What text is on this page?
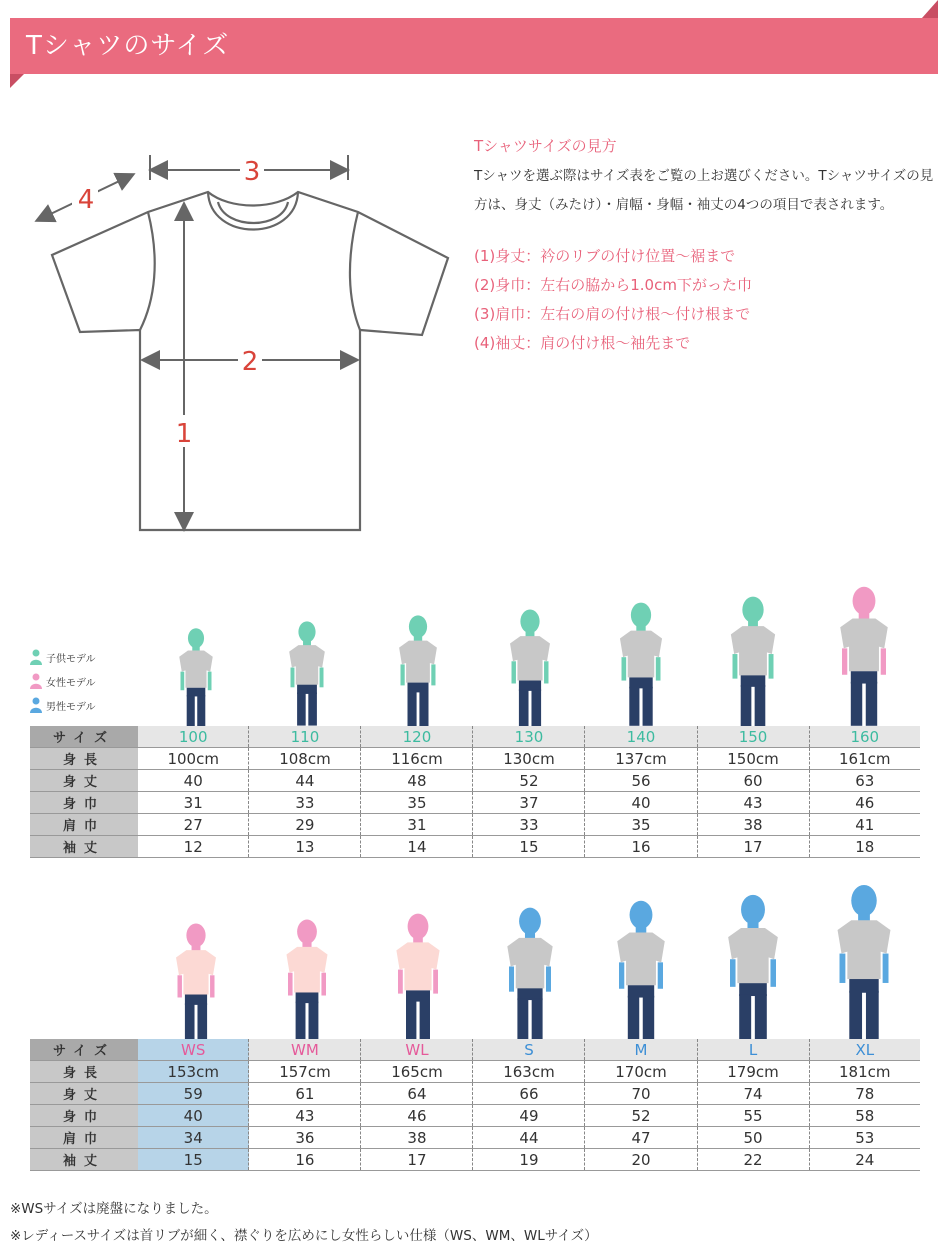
Tシャツのサイズ
1
2
3
4
Tシャツサイズの見方

Tシャツを選ぶ際はサイズ表をご覧の上お選びください。Tシャツサイズの見方は、身丈（みたけ）・肩幅・身幅・袖丈の4つの項目で表されます。

(1)身丈：衿のリブの付け位置〜裾まで
(2)身巾：左右の脇から1.0cm下がった巾
(3)肩巾：左右の肩の付け根〜付け根まで
(4)袖丈：肩の付け根〜袖先まで
子供モデル
女性モデル
男性モデル
サイズ	100	110	120	130	140	150	160
身長	100cm	108cm	116cm	130cm	137cm	150cm	161cm
身丈	40	44	48	52	56	60	63
身巾	31	33	35	37	40	43	46
肩巾	27	29	31	33	35	38	41
袖丈	12	13	14	15	16	17	18
サイズ	WS	WM	WL	S	M	L	XL
身長	153cm	157cm	165cm	163cm	170cm	179cm	181cm
身丈	59	61	64	66	70	74	78
身巾	40	43	46	49	52	55	58
肩巾	34	36	38	44	47	50	53
袖丈	15	16	17	19	20	22	24
※WSサイズは廃盤になりました。
※レディースサイズは首リブが細く、襟ぐりを広めにし女性らしい仕様（WS、WM、WLサイズ）
